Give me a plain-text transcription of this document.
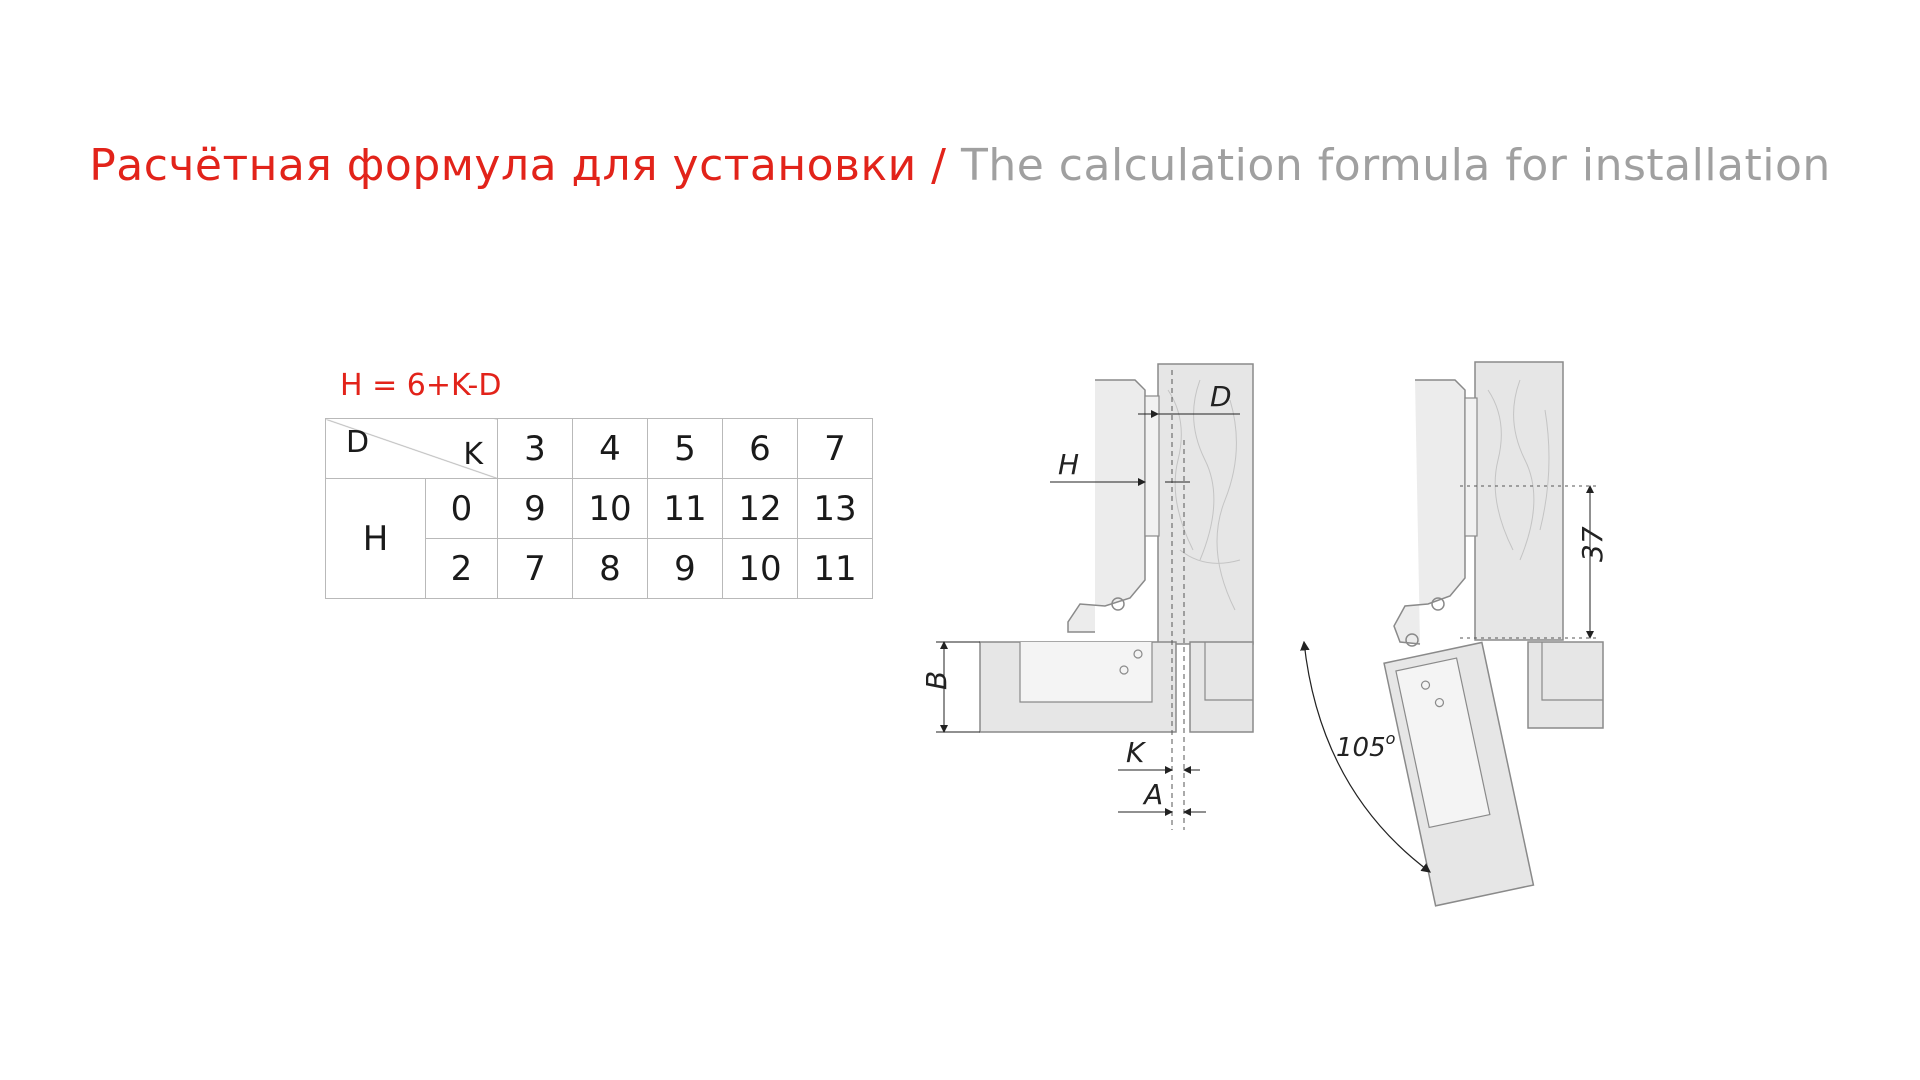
Расчётная формула для установки / The calculation formula for installation
H = 6+K-D
D K		3	4	5	6	7
H	0	9	10	11	12	13
	2	7	8	9	10	11
D
H
B
K
A
37
105$^o$
